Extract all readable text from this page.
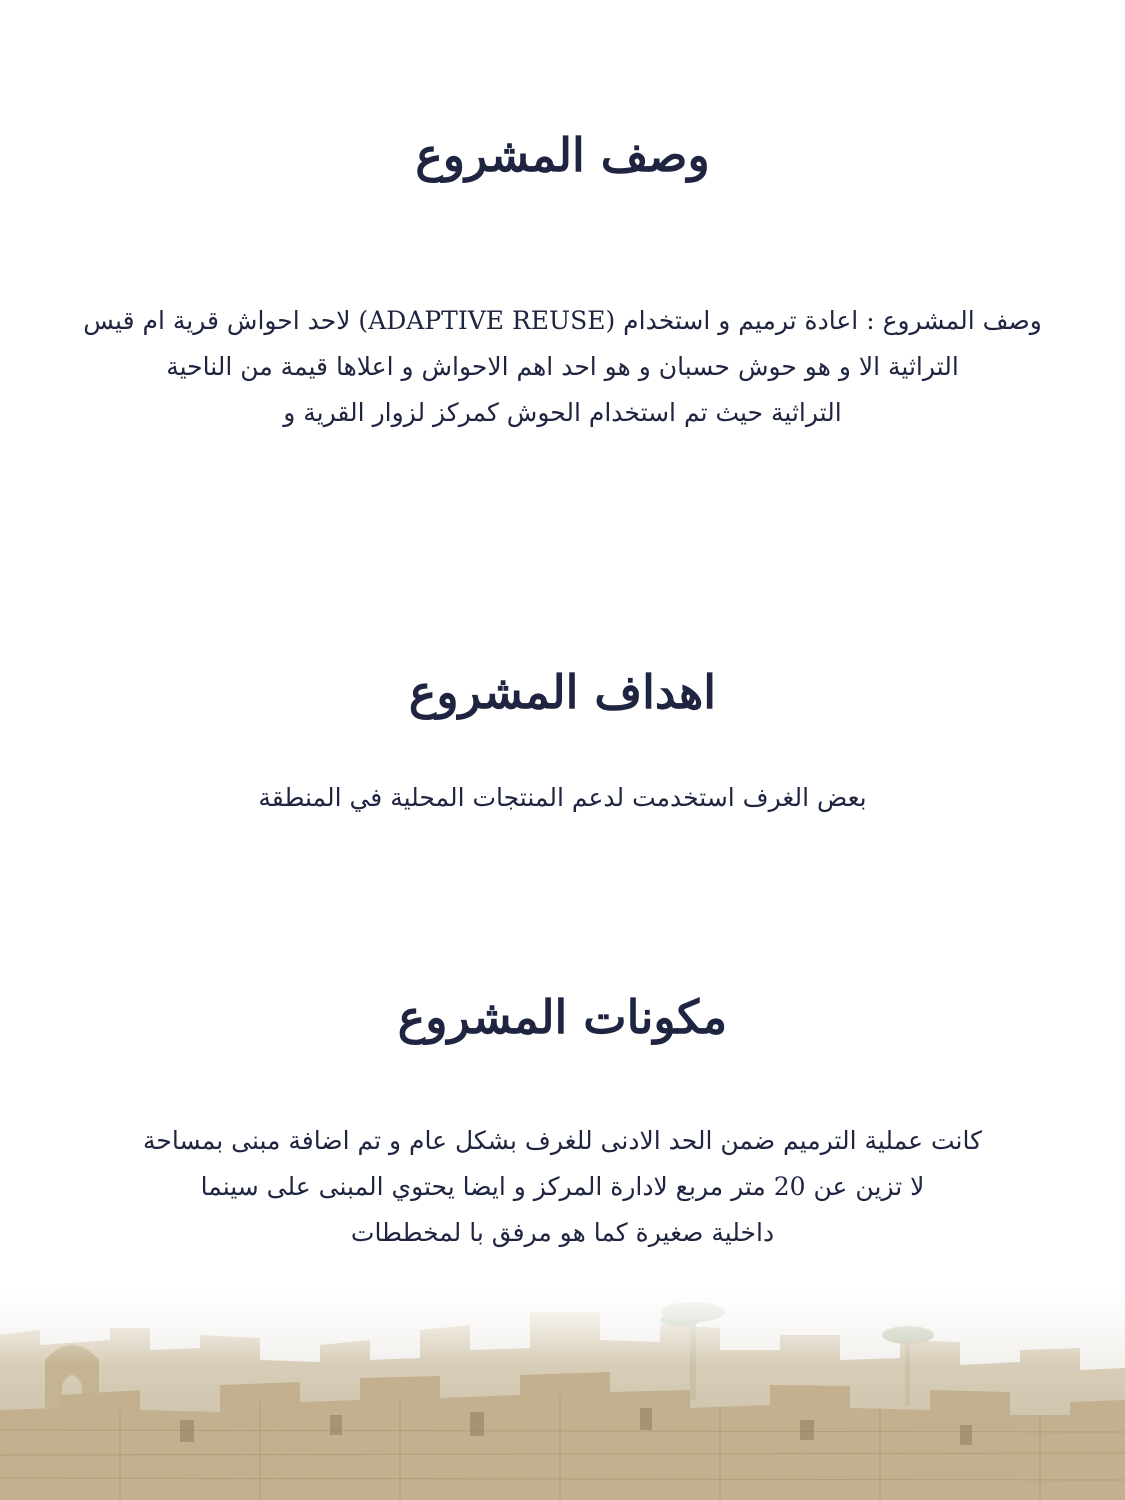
وصف المشروع
وصف المشروع : اعادة ترميم و استخدام (ADAPTIVE REUSE) لاحد احواش قرية ام قيس
التراثية الا و هو حوش حسبان و هو احد اهم الاحواش و اعلاها قيمة من الناحية
التراثية حيث تم استخدام الحوش كمركز لزوار القرية و
اهداف المشروع
بعض الغرف استخدمت لدعم المنتجات المحلية في المنطقة
مكونات المشروع
كانت عملية الترميم ضمن الحد الادنى للغرف بشكل عام و تم اضافة مبنى بمساحة
لا تزين عن 20 متر مربع لادارة المركز و ايضا يحتوي المبنى على سينما
داخلية صغيرة كما هو مرفق با لمخططات
